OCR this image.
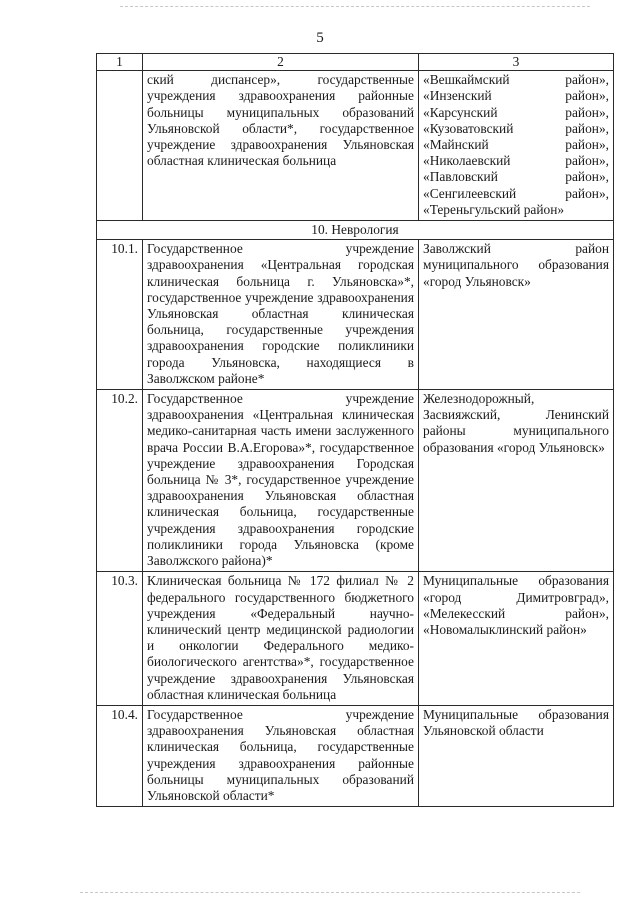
5
1	2	3
	ский диспансер», государственные учреждения здравоохранения районные больницы муниципальных образований Ульяновской области*, государственное учреждение здравоохранения Ульяновская областная клиническая больница	«Вешкаймский район», «Инзенский район», «Карсунский район», «Кузоватовский район», «Майнский район», «Николаевский район», «Павловский район», «Сенгилеевский район», «Тереньгульский район»
10. Неврология		
10.1.	Государственное учреждение здравоохранения «Центральная городская клиническая больница г. Ульяновска»*, государственное учреждение здравоохранения Ульяновская областная клиническая больница, государственные учреждения здравоохранения городские поликлиники города Ульяновска, находящиеся в Заволжском районе*	Заволжский район муниципального образования «город Ульяновск»
10.2.	Государственное учреждение здравоохранения «Центральная клиническая медико-санитарная часть имени заслуженного врача России В.А.Егорова»*, государственное учреждение здравоохранения Городская больница № 3*, государственное учреждение здравоохранения Ульяновская областная клиническая больница, государственные учреждения здравоохранения городские поликлиники города Ульяновска (кроме Заволжского района)*	Железнодорожный, Засвияжский, Ленинский районы муниципального образования «город Ульяновск»
10.3.	Клиническая больница № 172 филиал № 2 федерального государственного бюджетного учреждения «Федеральный научно-клинический центр медицинской радиологии и онкологии Федерального медико-биологического агентства»*, государственное учреждение здравоохранения Ульяновская областная клиническая больница	Муниципальные образования «город Димитровград», «Мелекесский район», «Новомалыклинский район»
10.4.	Государственное учреждение здравоохранения Ульяновская областная клиническая больница, государственные учреждения здравоохранения районные больницы муниципальных образований Ульяновской области*	Муниципальные образования Ульяновской области
